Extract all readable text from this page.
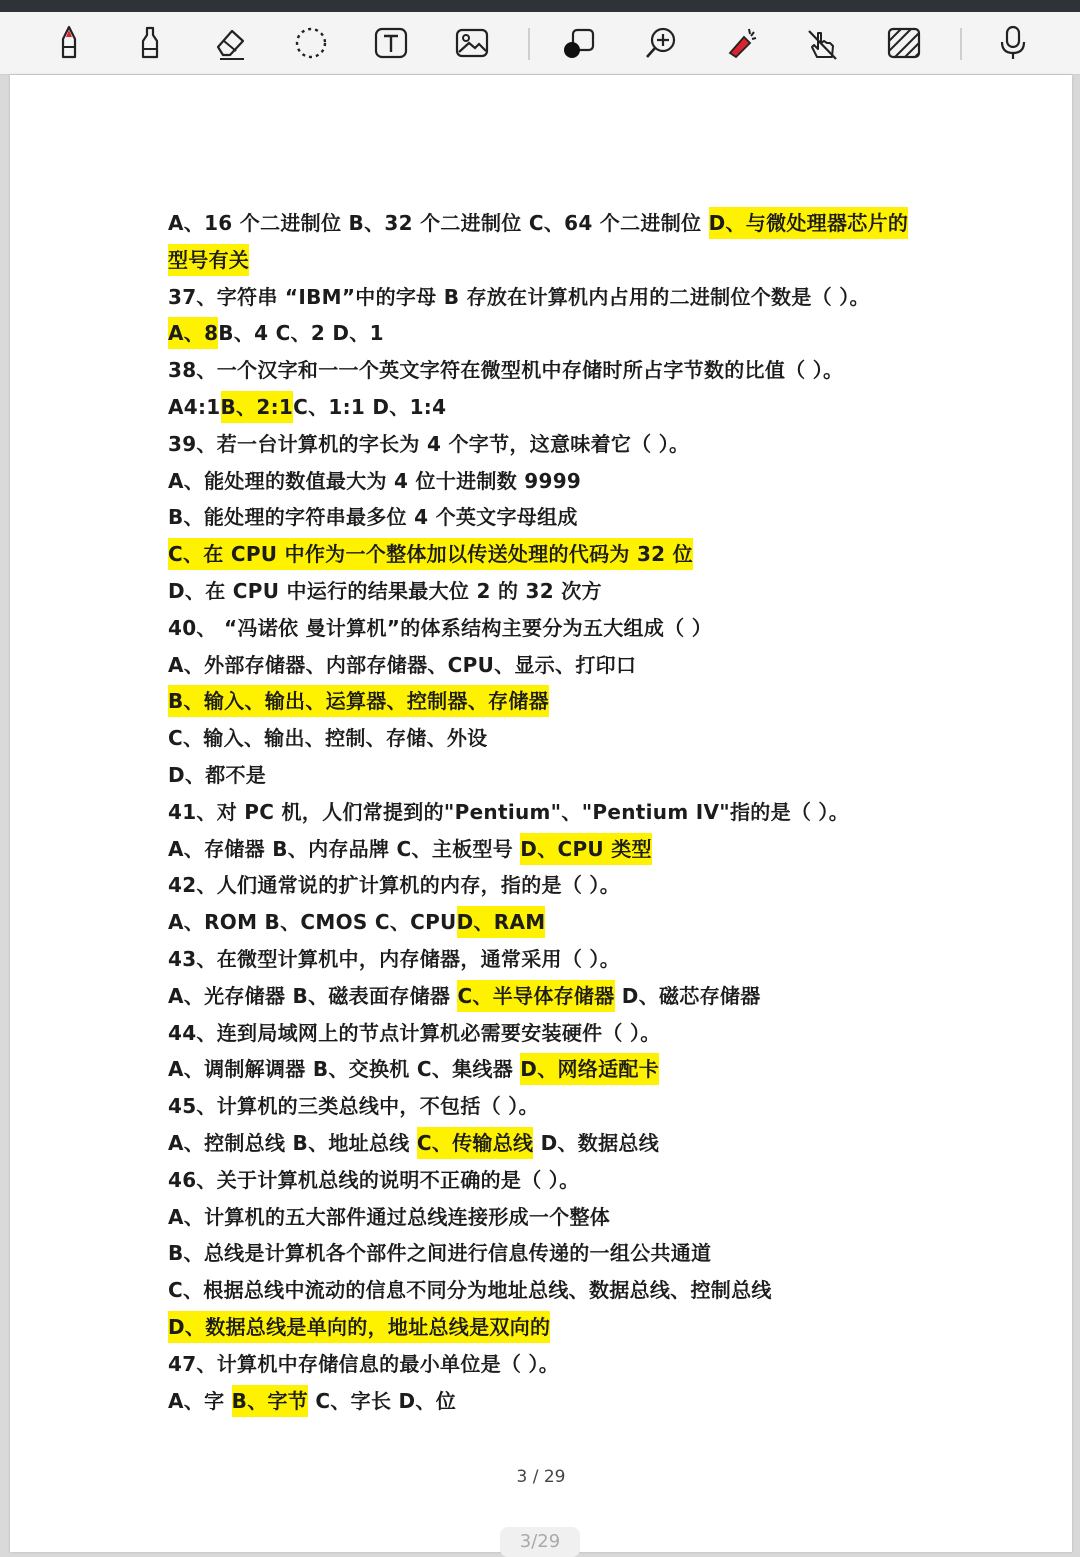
A、16 个二进制位 B、32 个二进制位 C、64 个二进制位 D、与微处理器芯片的
型号有关
37、字符串 “IBM”中的字母 B 存放在计算机内占用的二进制位个数是（ ）。
A、8B、4 C、2 D、1
38、一个汉字和一一个英文字符在微型机中存储时所占字节数的比值（ ）。
A4:1B、2:1C、1:1 D、1:4
39、若一台计算机的字长为 4 个字节，这意味着它（ ）。
A、能处理的数值最大为 4 位十进制数 9999
B、能处理的字符串最多位 4 个英文字母组成
C、在 CPU 中作为一个整体加以传送处理的代码为 32 位
D、在 CPU 中运行的结果最大位 2 的 32 次方
40、 “冯诺依 曼计算机”的体系结构主要分为五大组成（ ）
A、外部存储器、内部存储器、CPU、显示、打印口
B、输入、输出、运算器、控制器、存储器
C、输入、输出、控制、存储、外设
D、都不是
41、对 PC 机，人们常提到的"Pentium"、"Pentium IV"指的是（ ）。
A、存储器 B、内存品牌 C、主板型号 D、CPU 类型
42、人们通常说的扩计算机的内存，指的是（ ）。
A、ROM B、CMOS C、CPUD、RAM
43、在微型计算机中，内存储器，通常采用（ ）。
A、光存储器 B、磁表面存储器 C、半导体存储器 D、磁芯存储器
44、连到局域网上的节点计算机必需要安装硬件（ ）。
A、调制解调器 B、交换机 C、集线器 D、网络适配卡
45、计算机的三类总线中，不包括（ ）。
A、控制总线 B、地址总线 C、传输总线 D、数据总线
46、关于计算机总线的说明不正确的是（ ）。
A、计算机的五大部件通过总线连接形成一个整体
B、总线是计算机各个部件之间进行信息传递的一组公共通道
C、根据总线中流动的信息不同分为地址总线、数据总线、控制总线
D、数据总线是单向的，地址总线是双向的
47、计算机中存储信息的最小单位是（ ）。
A、字 B、字节 C、字长 D、位
3 / 29
3/29
